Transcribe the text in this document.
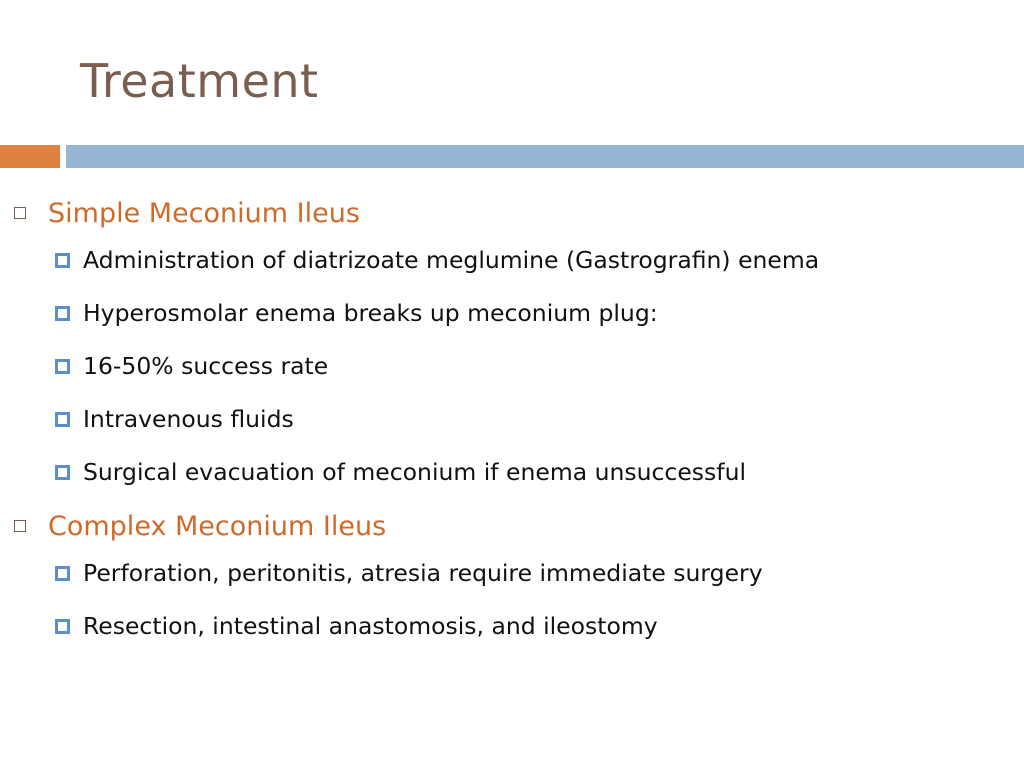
Treatment
Simple Meconium Ileus
Administration of diatrizoate meglumine (Gastrografin) enema
Hyperosmolar enema breaks up meconium plug:
16-50% success rate
Intravenous fluids
Surgical evacuation of meconium if enema unsuccessful
Complex Meconium Ileus
Perforation, peritonitis, atresia require immediate surgery
Resection, intestinal anastomosis, and ileostomy
